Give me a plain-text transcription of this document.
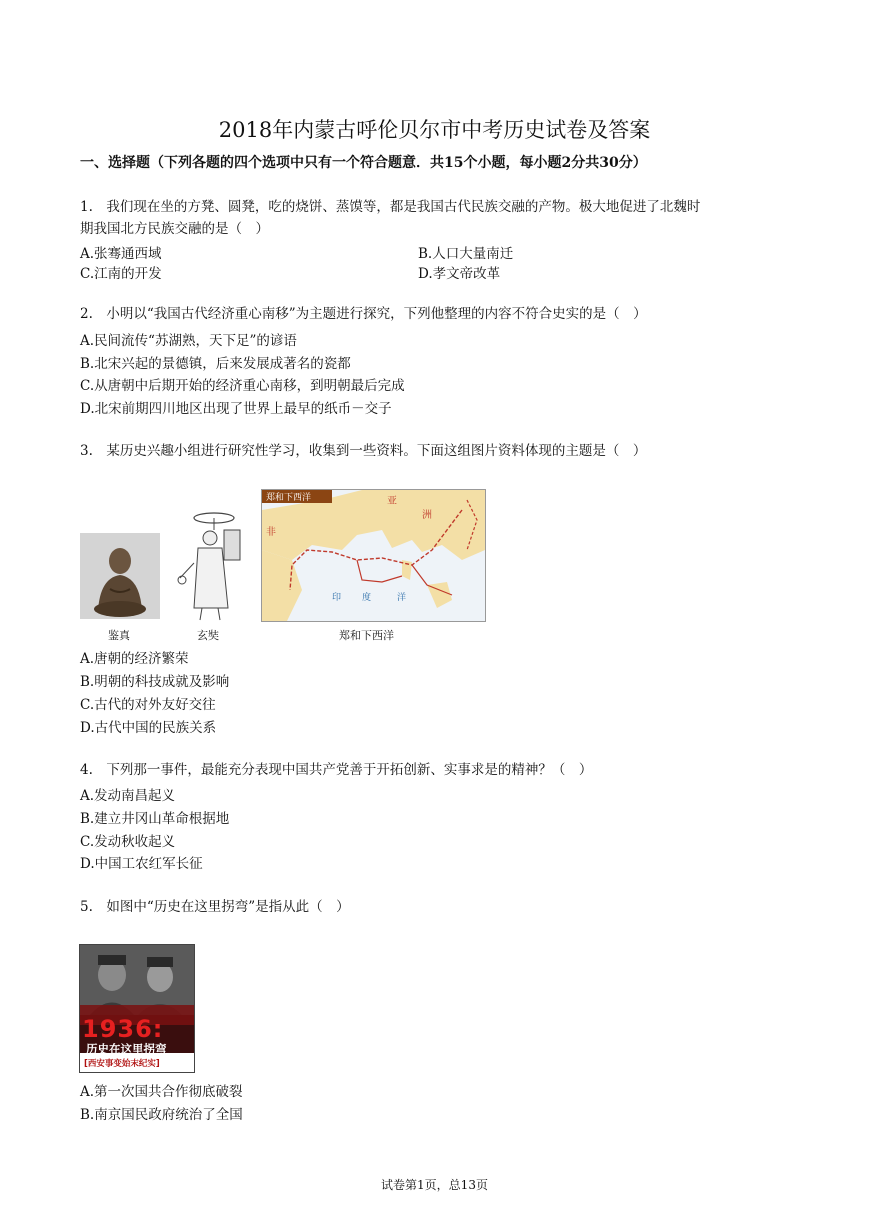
2018年内蒙古呼伦贝尔市中考历史试卷及答案
一、选择题（下列各题的四个选项中只有一个符合题意．共15个小题，每小题2分共30分）
1.　我们现在坐的方凳、圆凳，吃的烧饼、蒸馍等，都是我国古代民族交融的产物。极大地促进了北魏时
期我国北方民族交融的是（　）
A.张骞通西域	B.人口大量南迁
C.江南的开发	D.孝文帝改革
2.　小明以“我国古代经济重心南移”为主题进行探究，下列他整理的内容不符合史实的是（　）
A.民间流传“苏湖熟，天下足”的谚语
B.北宋兴起的景德镇，后来发展成著名的瓷都
C.从唐朝中后期开始的经济重心南移，到明朝最后完成
D.北宋前期四川地区出现了世界上最早的纸币－交子
3.　某历史兴趣小组进行研究性学习，收集到一些资料。下面这组图片资料体现的主题是（　）
郑和下西洋	亚
洲
非
印 度	洋
鉴真	玄奘	郑和下西洋
A.唐朝的经济繁荣
B.明朝的科技成就及影响
C.古代的对外友好交往
D.古代中国的民族关系
4.　下列那一事件，最能充分表现中国共产党善于开拓创新、实事求是的精神？（　）
A.发动南昌起义
B.建立井冈山革命根据地
C.发动秋收起义
D.中国工农红军长征
5.　如图中“历史在这里拐弯”是指从此（　）
1936:
历史在这里拐弯
[西安事变始末纪实]
A.第一次国共合作彻底破裂
B.南京国民政府统治了全国
试卷第1页，总13页
